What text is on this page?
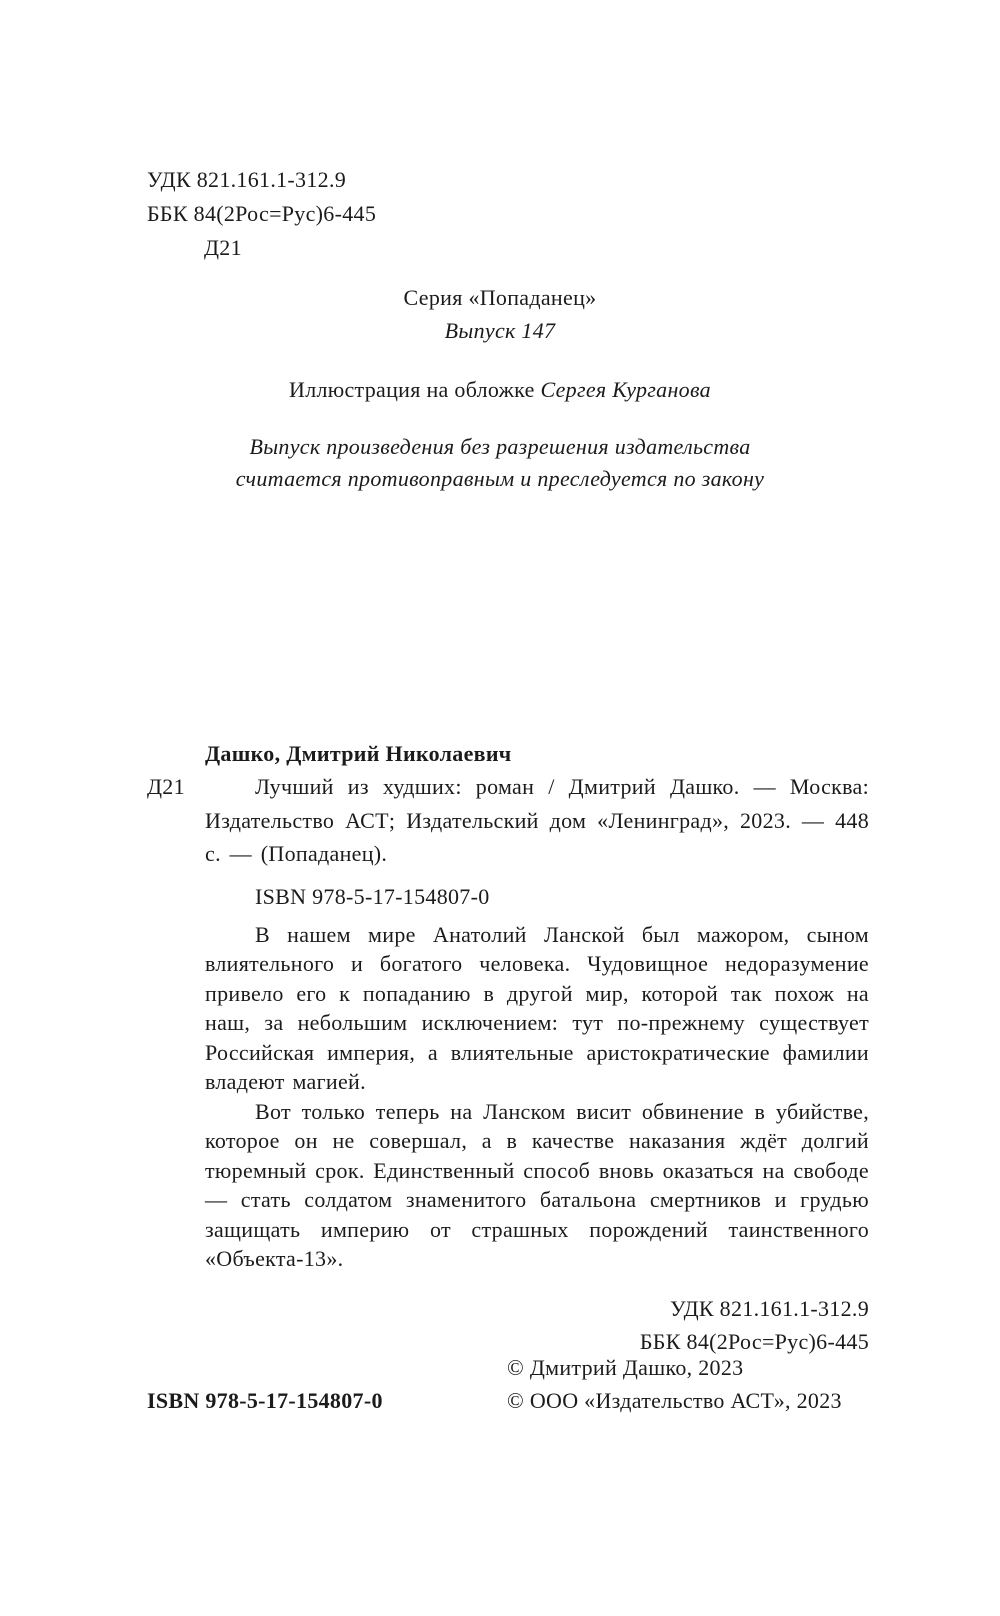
УДК 821.161.1-312.9
ББК 84(2Рос=Рус)6-445
Д21
Серия «Попаданец»
Выпуск 147
Иллюстрация на обложке Сергея Курганова
Выпуск произведения без разрешения издательства
считается противоправным и преследуется по закону
Дашко, Дмитрий Николаевич
Д21	Лучший из худших: роман / Дмитрий Дашко. — Москва: Издательство АСТ; Издательский дом «Ленинград», 2023. — 448 с. — (Попаданец).

ISBN 978-5-17-154807-0

В нашем мире Анатолий Ланской был мажором, сыном влиятельного и богатого человека. Чудовищное недоразумение привело его к попаданию в другой мир, которой так похож на наш, за небольшим исключением: тут по-прежнему существует Российская империя, а влиятельные аристократические фамилии владеют магией.

Вот только теперь на Ланском висит обвинение в убийстве, которое он не совершал, а в качестве наказания ждёт долгий тюремный срок. Единственный способ вновь оказаться на свободе — стать солдатом знаменитого батальона смертников и грудью защищать империю от страшных порождений таинственного «Объекта-13».

УДК 821.161.1-312.9
ББК 84(2Рос=Рус)6-445
ISBN 978-5-17-154807-0
© Дмитрий Дашко, 2023
© ООО «Издательство АСТ», 2023
